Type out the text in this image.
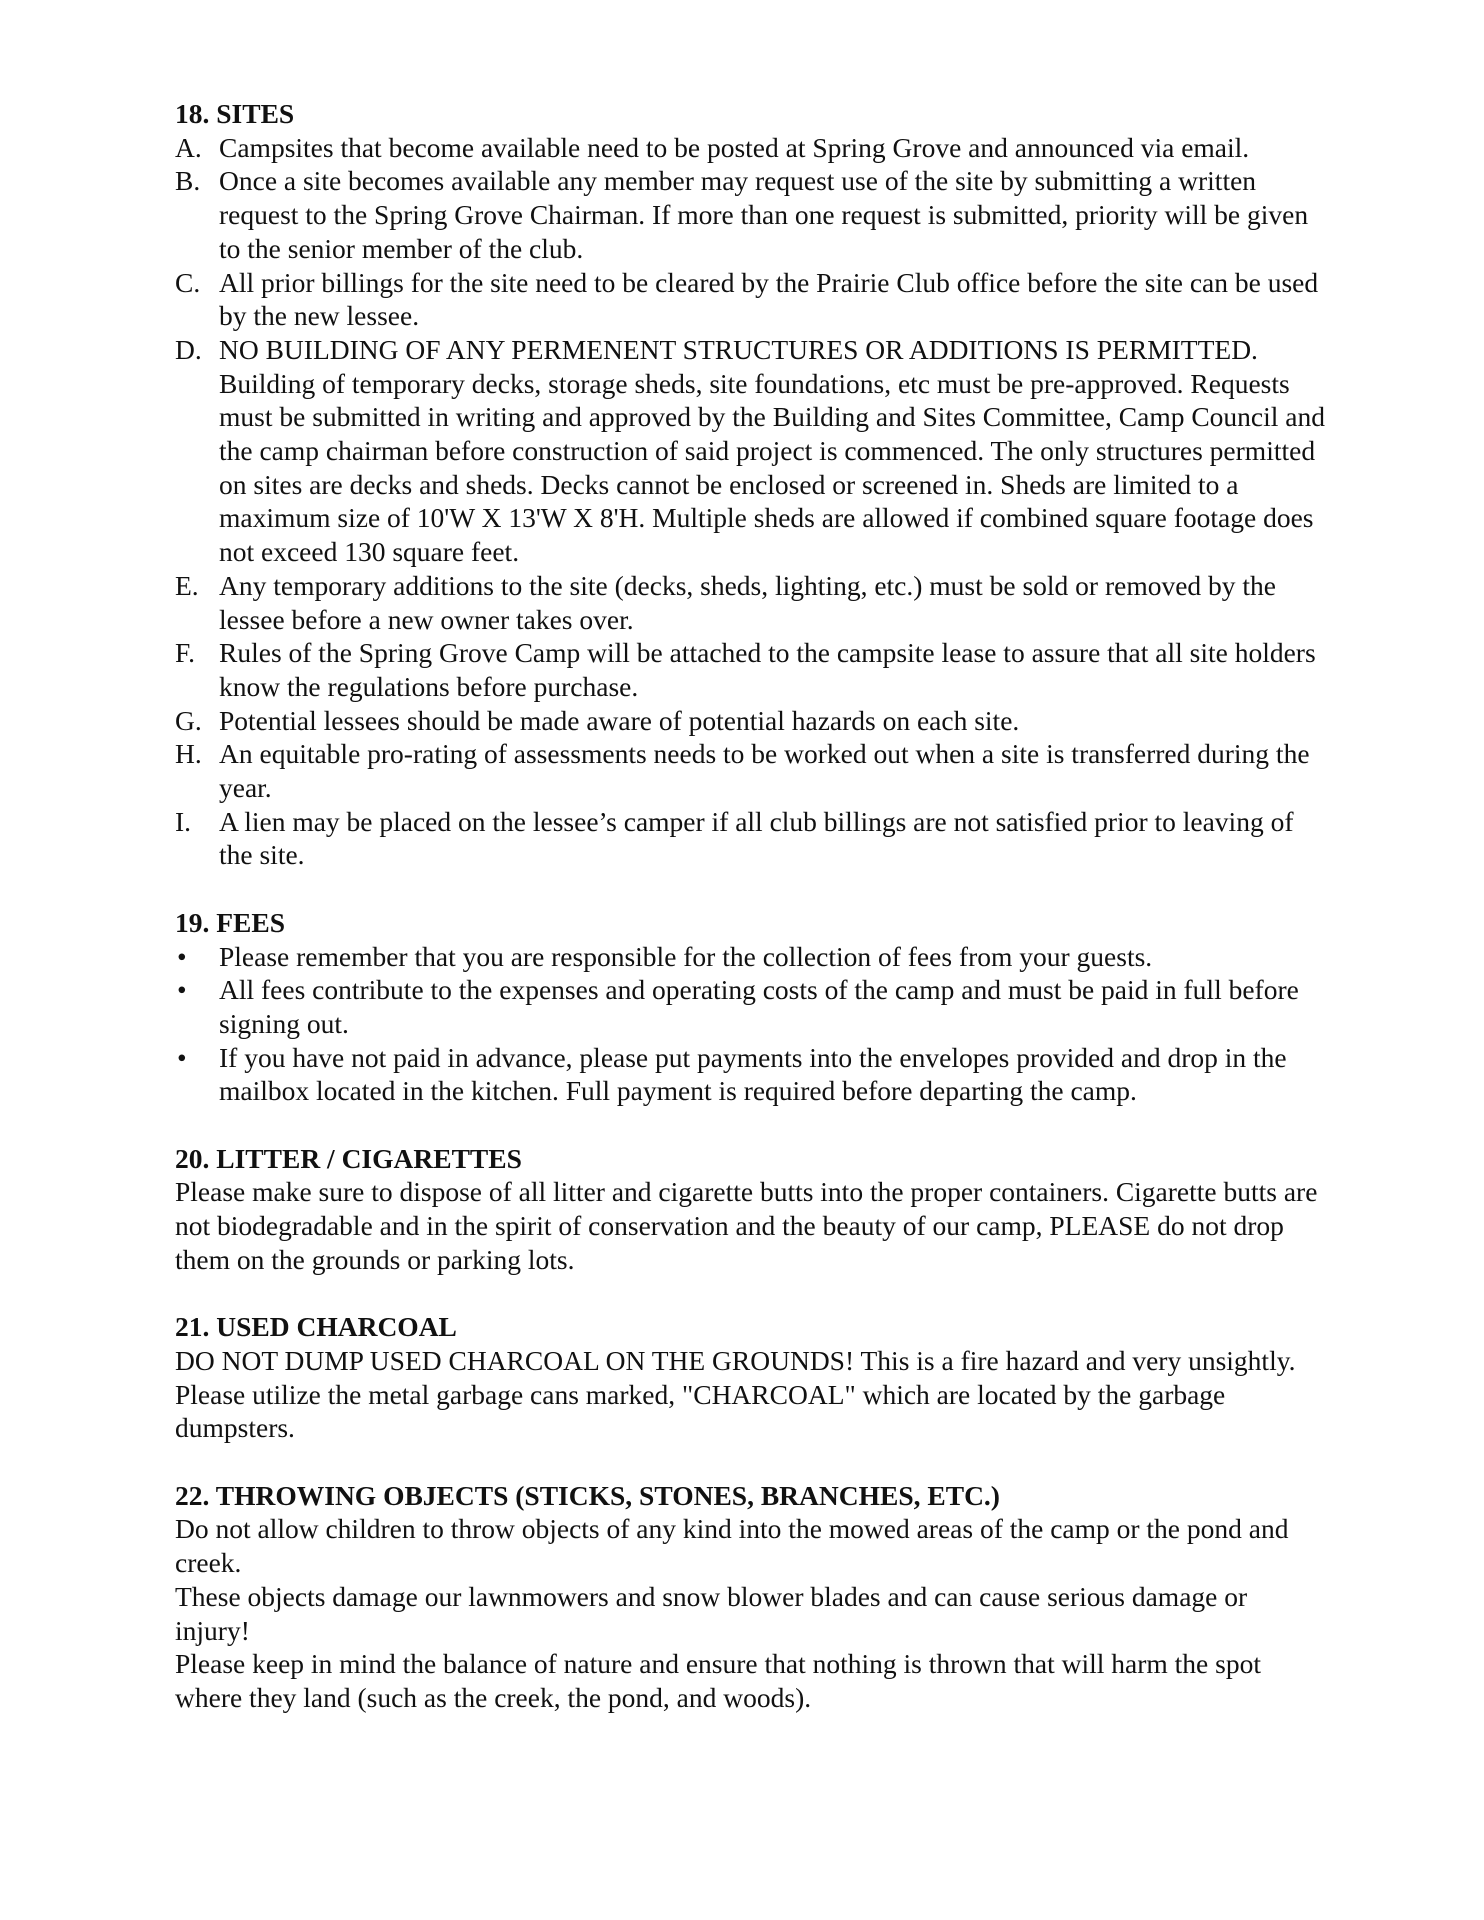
18. SITES
A. Campsites that become available need to be posted at Spring Grove and announced via email.
B. Once a site becomes available any member may request use of the site by submitting a written request to the Spring Grove Chairman. If more than one request is submitted, priority will be given to the senior member of the club.
C. All prior billings for the site need to be cleared by the Prairie Club office before the site can be used by the new lessee.
D. NO BUILDING OF ANY PERMENENT STRUCTURES OR ADDITIONS IS PERMITTED. Building of temporary decks, storage sheds, site foundations, etc must be pre-approved. Requests must be submitted in writing and approved by the Building and Sites Committee, Camp Council and the camp chairman before construction of said project is commenced. The only structures permitted on sites are decks and sheds. Decks cannot be enclosed or screened in. Sheds are limited to a maximum size of 10'W X 13'W X 8'H. Multiple sheds are allowed if combined square footage does not exceed 130 square feet.
E. Any temporary additions to the site (decks, sheds, lighting, etc.) must be sold or removed by the lessee before a new owner takes over.
F. Rules of the Spring Grove Camp will be attached to the campsite lease to assure that all site holders know the regulations before purchase.
G. Potential lessees should be made aware of potential hazards on each site.
H. An equitable pro-rating of assessments needs to be worked out when a site is transferred during the year.
I.	A lien may be placed on the lessee’s camper if all club billings are not satisfied prior to leaving of the site.
19. FEES
•	Please remember that you are responsible for the collection of fees from your guests.
•	All fees contribute to the expenses and operating costs of the camp and must be paid in full before signing out.
•	If you have not paid in advance, please put payments into the envelopes provided and drop in the mailbox located in the kitchen. Full payment is required before departing the camp.
20. LITTER / CIGARETTES

Please make sure to dispose of all litter and cigarette butts into the proper containers. Cigarette butts are not biodegradable and in the spirit of conservation and the beauty of our camp, PLEASE do not drop them on the grounds or parking lots.

21. USED CHARCOAL

DO NOT DUMP USED CHARCOAL ON THE GROUNDS! This is a fire hazard and very unsightly. Please utilize the metal garbage cans marked, "CHARCOAL" which are located by the garbage dumpsters.

22. THROWING OBJECTS (STICKS, STONES, BRANCHES, ETC.)

Do not allow children to throw objects of any kind into the mowed areas of the camp or the pond and creek.

These objects damage our lawnmowers and snow blower blades and can cause serious damage or injury!

Please keep in mind the balance of nature and ensure that nothing is thrown that will harm the spot where they land (such as the creek, the pond, and woods).
